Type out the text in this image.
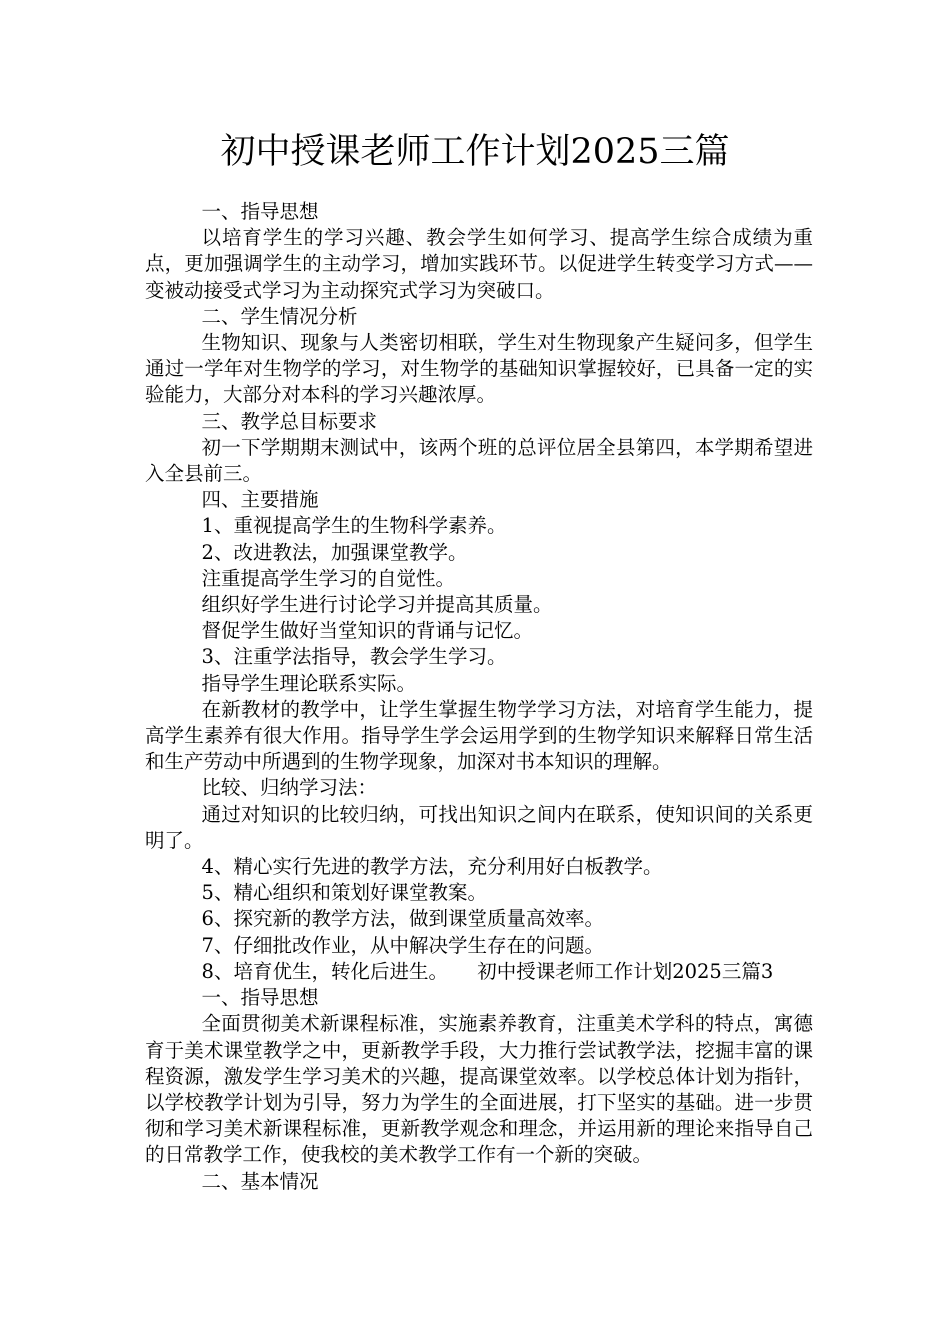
初中授课老师工作计划2025三篇

一、指导思想

以培育学生的学习兴趣、教会学生如何学习、提高学生综合成绩为重点，更加强调学生的主动学习，增加实践环节。以促进学生转变学习方式——变被动接受式学习为主动探究式学习为突破口。

二、学生情况分析

生物知识、现象与人类密切相联，学生对生物现象产生疑问多，但学生通过一学年对生物学的学习，对生物学的基础知识掌握较好，已具备一定的实验能力，大部分对本科的学习兴趣浓厚。

三、教学总目标要求

初一下学期期末测试中，该两个班的总评位居全县第四，本学期希望进入全县前三。

四、主要措施

1、重视提高学生的生物科学素养。

2、改进教法，加强课堂教学。

注重提高学生学习的自觉性。

组织好学生进行讨论学习并提高其质量。

督促学生做好当堂知识的背诵与记忆。

3、注重学法指导，教会学生学习。

指导学生理论联系实际。

在新教材的教学中，让学生掌握生物学学习方法，对培育学生能力，提高学生素养有很大作用。指导学生学会运用学到的生物学知识来解释日常生活和生产劳动中所遇到的生物学现象，加深对书本知识的理解。

比较、归纳学习法：

通过对知识的比较归纳，可找出知识之间内在联系，使知识间的关系更明了。

4、精心实行先进的教学方法，充分利用好白板教学。

5、精心组织和策划好课堂教案。

6、探究新的教学方法，做到课堂质量高效率。

7、仔细批改作业，从中解决学生存在的问题。

8、培育优生，转化后进生。　　初中授课老师工作计划2025三篇3

一、指导思想

全面贯彻美术新课程标准，实施素养教育，注重美术学科的特点，寓德育于美术课堂教学之中，更新教学手段，大力推行尝试教学法，挖掘丰富的课程资源，激发学生学习美术的兴趣，提高课堂效率。以学校总体计划为指针，以学校教学计划为引导，努力为学生的全面进展，打下坚实的基础。进一步贯彻和学习美术新课程标准，更新教学观念和理念，并运用新的理论来指导自己的日常教学工作，使我校的美术教学工作有一个新的突破。

二、基本情况
